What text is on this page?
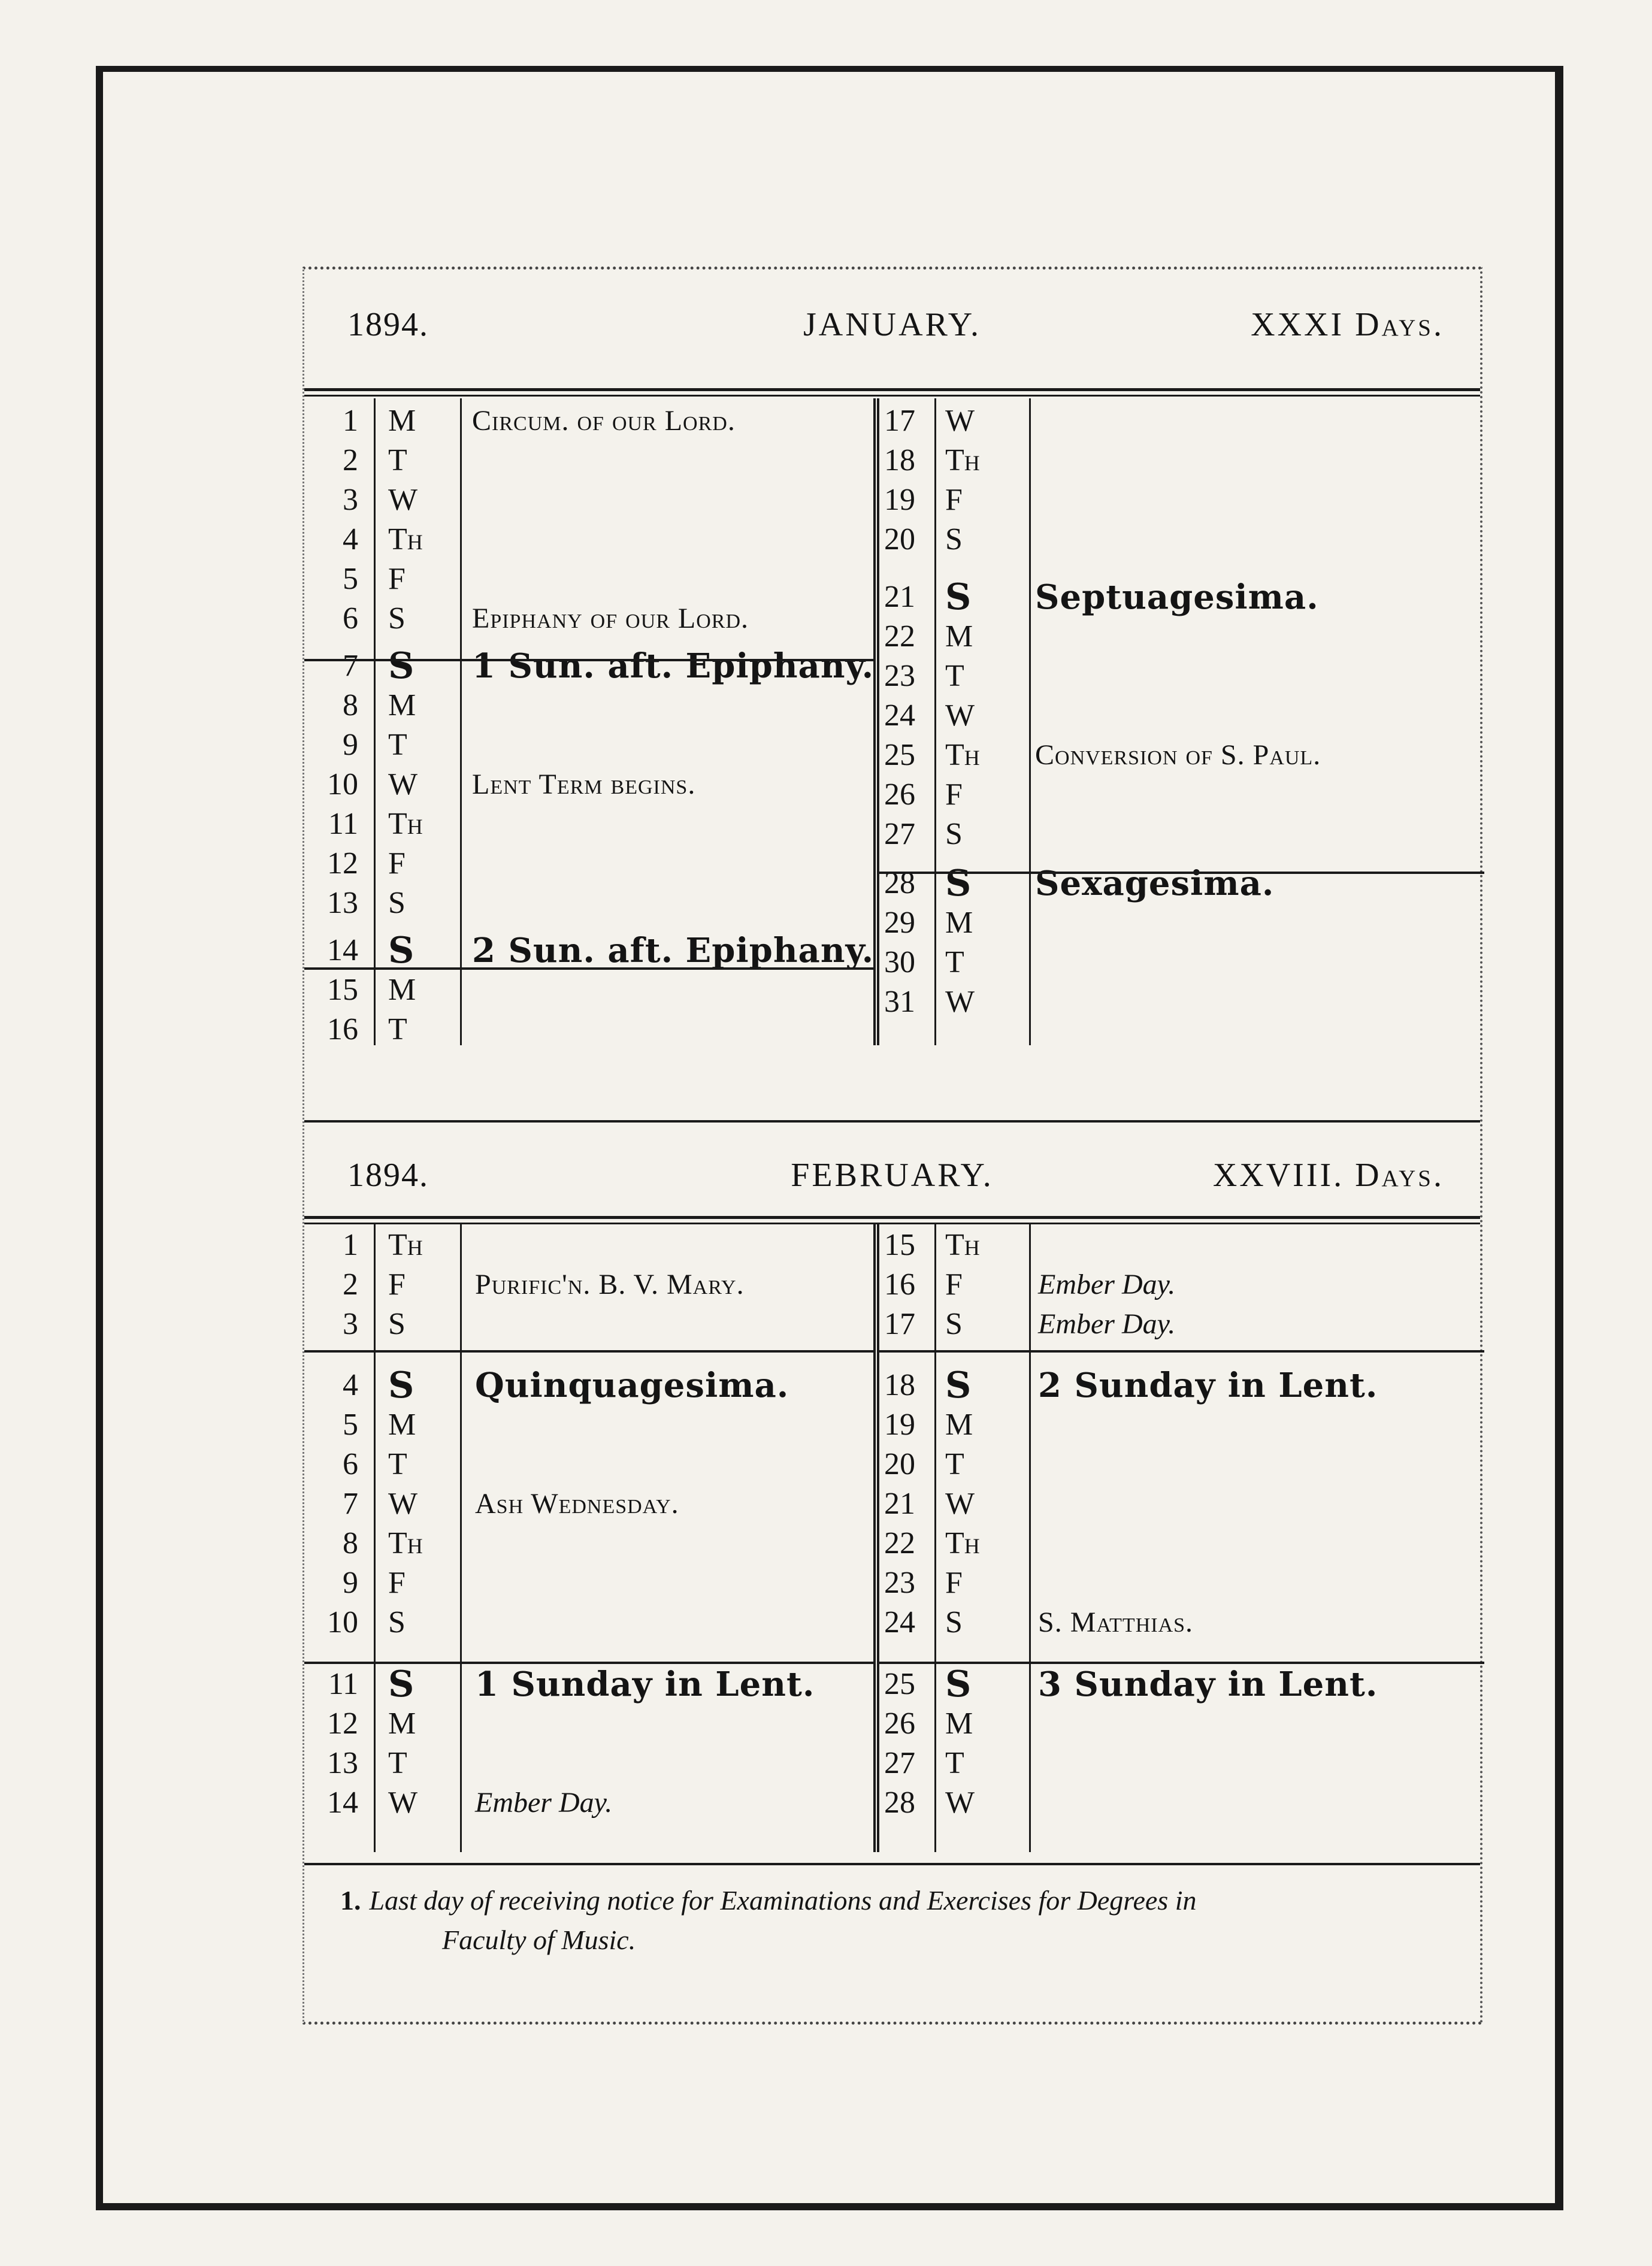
1894.	JANUARY.	XXXI Days.
1 M Circum. of our Lord.
2 T
3 W
4 Th
5 F
6 S Epiphany of our Lord.
7 S 1 Sun. aft. Epiphany.
8 M
9 T
10 W Lent Term begins.
11 Th
12 F
13 S
14 S 2 Sun. aft. Epiphany.
15 M
16 T
17 W
18 Th
19 F
20 S
21 S Septuagesima.
22 M
23 T
24 W
25 Th Conversion of S. Paul.
26 F
27 S
28 S Sexagesima.
29 M
30 T
31 W
1894.	FEBRUARY.	XXVIII. Days.
1 Th
2 F Purific'n. B. V. Mary.
3 S
4 S Quinquagesima.
5 M
6 T
7 W Ash Wednesday.
8 Th
9 F
10 S
11 S 1 Sunday in Lent.
12 M
13 T
14 W Ember Day.
15 Th
16 F	Ember Day.
17 S	Ember Day.
18 S 2 Sunday in Lent.
19 M
20 T
21 W
22 Th
23 F
24 S	S. Matthias.
25 S 3 Sunday in Lent.
26 M
27 T
28 W
1. Last day of receiving notice for Examinations and Exercises for Degrees in
Faculty of Music.
